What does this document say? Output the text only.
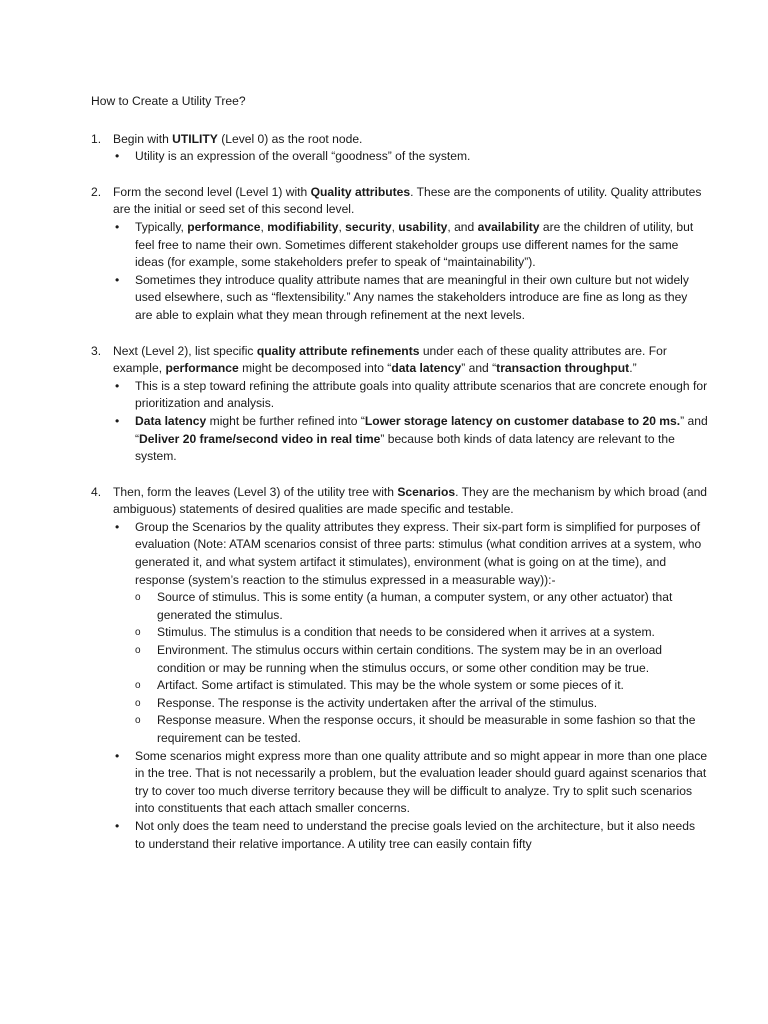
How to Create a Utility Tree?

1. Begin with UTILITY (Level 0) as the root node.
• Utility is an expression of the overall “goodness” of the system.
2. Form the second level (Level 1) with Quality attributes. These are the components of utility. Quality attributes are the initial or seed set of this second level.
• Typically, performance, modifiability, security, usability, and availability are the children of utility, but feel free to name their own. Sometimes different stakeholder groups use different names for the same ideas (for example, some stakeholders prefer to speak of “maintainability”).
• Sometimes they introduce quality attribute names that are meaningful in their own culture but not widely used elsewhere, such as “flextensibility.” Any names the stakeholders introduce are fine as long as they are able to explain what they mean through refinement at the next levels.
3. Next (Level 2), list specific quality attribute refinements under each of these quality attributes are. For example, performance might be decomposed into “data latency” and “transaction throughput.”
• This is a step toward refining the attribute goals into quality attribute scenarios that are concrete enough for prioritization and analysis.
• Data latency might be further refined into “Lower storage latency on customer database to 20 ms.” and “Deliver 20 frame/second video in real time” because both kinds of data latency are relevant to the system.
4. Then, form the leaves (Level 3) of the utility tree with Scenarios. They are the mechanism by which broad (and ambiguous) statements of desired qualities are made specific and testable.
• Group the Scenarios by the quality attributes they express. Their six-part form is simplified for purposes of evaluation (Note: ATAM scenarios consist of three parts: stimulus (what condition arrives at a system, who generated it, and what system artifact it stimulates), environment (what is going on at the time), and response (system’s reaction to the stimulus expressed in a measurable way)):-
o Source of stimulus. This is some entity (a human, a computer system, or any other actuator) that generated the stimulus.
o Stimulus. The stimulus is a condition that needs to be considered when it arrives at a system.
o Environment. The stimulus occurs within certain conditions. The system may be in an overload condition or may be running when the stimulus occurs, or some other condition may be true.
o Artifact. Some artifact is stimulated. This may be the whole system or some pieces of it.
o Response. The response is the activity undertaken after the arrival of the stimulus.
o Response measure. When the response occurs, it should be measurable in some fashion so that the requirement can be tested.
• Some scenarios might express more than one quality attribute and so might appear in more than one place in the tree. That is not necessarily a problem, but the evaluation leader should guard against scenarios that try to cover too much diverse territory because they will be difficult to analyze. Try to split such scenarios into constituents that each attach smaller concerns.
• Not only does the team need to understand the precise goals levied on the architecture, but it also needs to understand their relative importance. A utility tree can easily contain fifty
